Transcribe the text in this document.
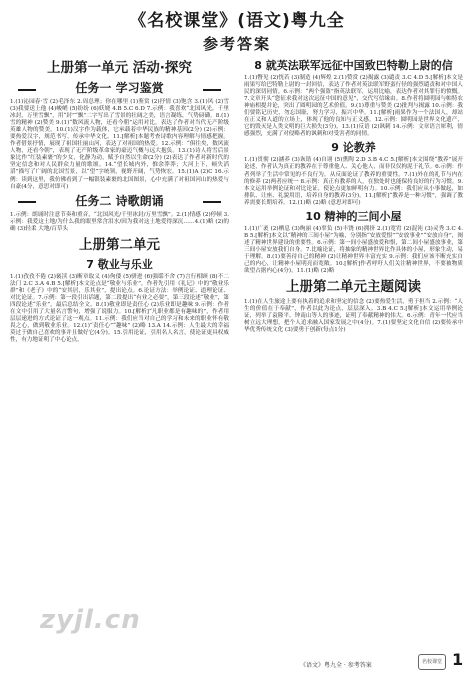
《名校课堂》(语文)粤九全
参考答案
上册第一单元 活动·探究
任务一 学习鉴赏
1.(1)沁园春·雪 (2)毛泽东 2.周总理；你在哪里 (1)鉴赏 (2)抒情 (3)饱含 3.(1)风 (2)雪 (3)我要送上他 (4)峻峭 (5)纷纷 (6)妖娆 4.B 5.C 6.D 7.示例：我喜欢“北国风光，千里冰封，万里雪飘”，用“封”“飘”二字写出了雪景的壮阔之美，语言凝练，气势磅礴。8.(1)雪的精神 (2)赞美 9.(1)“数风流人物，还看今朝”运用对比，表达了作者对当代无产阶级英雄人物的赞美。10.(1)汉字作为载体，它承载着中华民族的精神基因(2分) (2)示例：要热爱汉字，规范书写，传承中华文化。11.[解析]本题考查诗歌内容理解与情感把握。作者借景抒情，展现了祖国壮丽山河，表达了对祖国的热爱。12.示例：“俱往矣，数风流人物，还看今朝”，表现了无产阶级革命家的豪迈气概与远大抱负。13.(1)诗人将雪后景象比作“红装素裹”的少女，化静为动，赋予自然以生命(2分) (2)表达了作者对新时代的坚定信念和对人民群众力量的歌颂。14.“望长城内外，惟余莽莽；大河上下，顿失滔滔”描写了广阔的北国雪景，以“望”字统领，视野开阔，气势恢宏。15.(1)A (2)C 16.示例：读到这里，我仿佛看到了一幅银装素裹的北国图景，心中充满了对祖国河山的热爱与自豪(4分，意思对即可)
任务二 诗歌朗诵
1.示例：朗诵时注意节奏和重音，“北国风光/千里冰封/万里雪飘”。2.(1)情感 (2)停顿 3.示例：我爱这土地/为什么我的眼里常含泪水/因为我对这土地爱得深沉……4.(1)略 (2)的确 (3)轻柔 大地/百草头
上册第二单元
7 敬业与乐业
1.(1)孜孜不倦 (2)亵渎 (3)断章取义 (4)佝偻 (5)骈进 (6)强聒不舍 (7)言行相顾 (8)不二法门 2.C 3.A 4.B 5.[解析]本文论点是“敬业与乐业”，作者先引用《礼记》中的“敬业乐群”和《老子》中的“安其居，乐其业”，提出论点。6.论证方法：举例论证、道理论证、对比论证。7.示例：第一段引出话题，第二段提出“有业之必要”，第三段论述“敬业”，第四段论述“乐业”，最后总结全文。8.(1)敬业即是责任心 (2)乐业即是趣味 9.示例：作者在文中引用了大量名言警句，增强了说服力。10.[解析]“凡职业都是有趣味的”，作者用层层递进的方式论证了这一观点。11.示例：我们应当对自己的学习和未来的职业怀有敬畏之心，做到敬业乐业。12.(1)“责任心”“趣味” (2)略 13.A 14.示例：人生最大的幸福莫过于做自己喜欢的事并且做好它(4分)。15.引用论证，引用名人名言，使论证更具权威性，有力地证明了中心论点。
8 就英法联军远征中国致巴特勒上尉的信
1.(1)瞥见 (2)恍若 (3)制造 (4)辉煌 2.(1)赞赏 (2)揭露 (3)谴责 3.C 4.D 5.[解析]本文是雨果写给巴特勒上尉的一封回信，表达了作者对英法联军野蛮行径的强烈谴责和对中国人民的深切同情。6.示例：“两个强盗”指英法联军，运用比喻，表达作者对其罪行的愤慨。7.文章开头“您征求我对这次远征中国的意见”，交代写信缘由。8.作者将圆明园与帕特农神庙相提并论，突出了圆明园的艺术价值。9.(1)尊重与赞美 (2)批判与揭露 10.示例：我们要铭记历史，勿忘国耻，努力学习，振兴中华。11.[解析]雨果作为一个法国人，却站在正义和人道的立场上，体现了他的良知与正义感。12.示例：圆明园是世界文化遗产，它的毁灭是人类文明的巨大损失(3分)。13.(1)反语 (2)讽刺 14.示例：文章语言犀利，情感强烈，充满了对侵略者的讽刺和对受害者的同情。
9 论教养
1.(1)贯彻 (2)涵养 (3)诙谐 (4)自诩 (5)熏陶 2.D 3.B 4.C 5.[解析]本文围绕“教养”展开论述，作者认为真正的教养在于尊重他人、关心他人，而非仅仅拘泥于礼节。6.示例：作者列举了生活中常见的不良行为，从反面论证了教养的重要性。7.(1)外在的礼节与内在的修养 (2)两者应统一 8.示例：真正有教养的人，在独处时也能保持良好的行为习惯。9.本文运用举例论证和对比论证，使论点更加鲜明有力。10.示例：我们应从小事做起，如排队、让座、礼貌用语，培养自身的教养(3分)。11.[解析]“教养是一种习惯”，强调了教养需要长期培养。12.(1)略 (2)略 (意思对即可)
10 精神的三间小屋
1.(1)广袤 (2)栖息 (3)绚丽 (4)辜负 (5)丰饶 (6)拥挤 2.(1)宽宥 (2)混沌 (3)灵秀 3.C 4.B 5.[解析]本文以“精神的三间小屋”为喻，分别指“安放爱恨”“安放事业”“安放自身”，阐述了精神世界建设的重要性。6.示例：第一间小屋盛放爱和恨，第二间小屋盛放事业，第三间小屋安放我们自身。7.比喻论证，将抽象的精神世界比作具体的小屋，形象生动，易于理解。8.(1)要善待自己的精神 (2)让精神世界丰富充实 9.示例：我们应该不断充实自己的内心，让精神小屋明亮而宽敞。10.[解析]作者呼吁人们关注精神世界，不要被物质欲望占据内心(4分)。11.(1)略 (2)略
上册第二单元主题阅读
1.(1)在人生旅途上要有执着的追求和坚定的信念 (2)要热爱生活，勇于担当 2.示例：“人生的价值在于奉献”，作者以此为论点，层层深入。3.B 4.C 5.[解析]本文运用举例论证，列举了袁隆平、钟南山等人的事迹，证明了奉献精神的伟大。6.示例：青年一代应当树立远大理想，把个人追求融入国家发展之中(4分)。7.(1)要坚定文化自信 (2)要传承中华优秀传统文化 (3)要勇于创新(每点1分)
zyjl.cn
《语文》粤九全 · 参考答案	名校课堂 1
